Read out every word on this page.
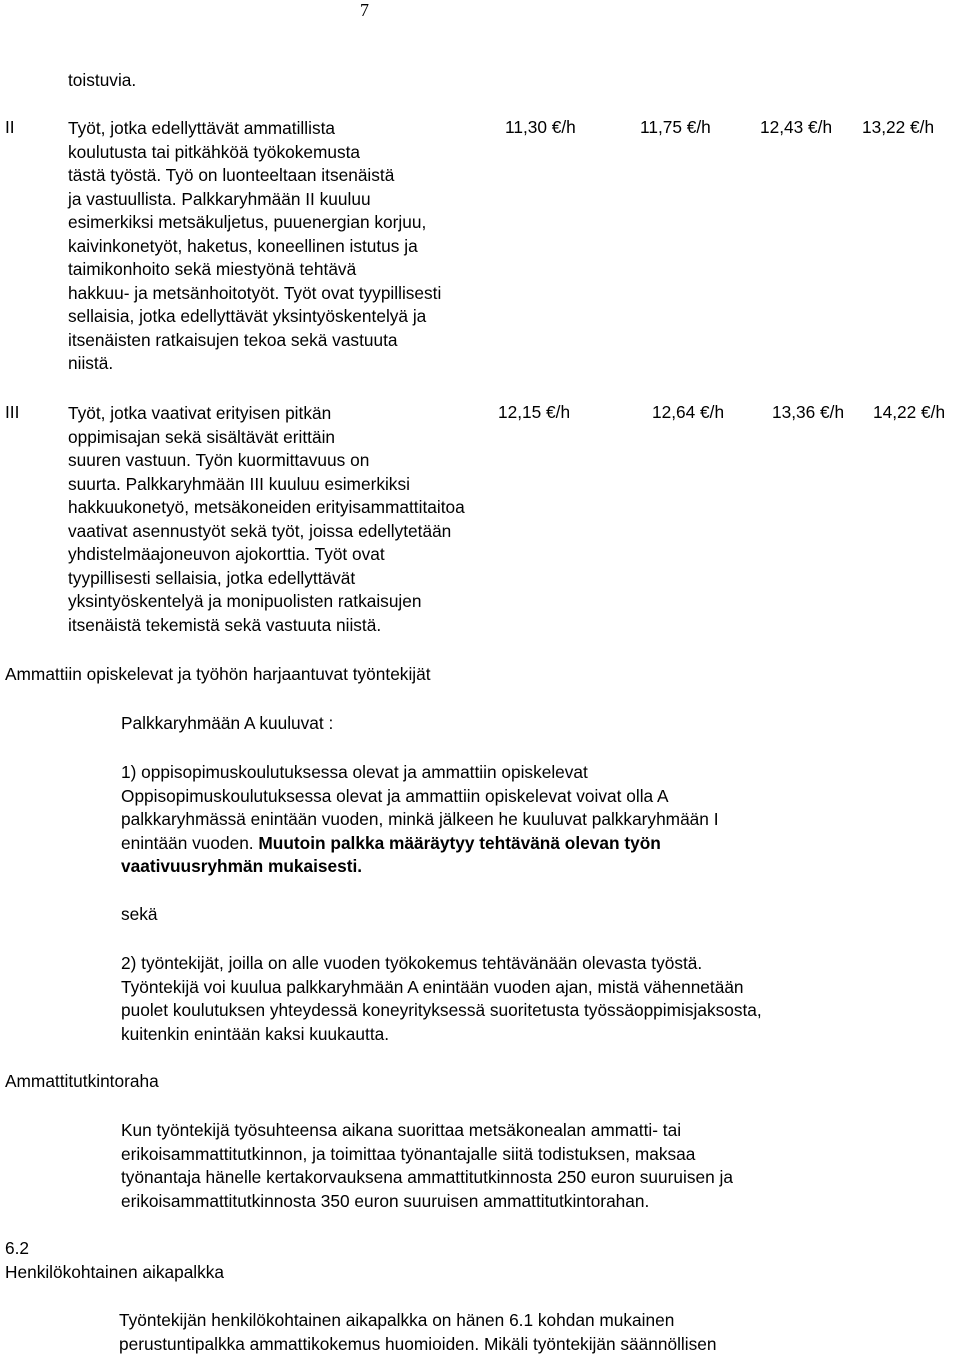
7
toistuvia.
II	Työt, jotka edellyttävät ammatillista
koulutusta tai pitkähköä työkokemusta
tästä työstä. Työ on luonteeltaan itsenäistä
ja vastuullista. Palkkaryhmään II kuuluu
esimerkiksi metsäkuljetus, puuenergian korjuu,
kaivinkonetyöt, haketus, koneellinen istutus ja
taimikonhoito sekä miestyönä tehtävä
hakkuu- ja metsänhoitotyöt. Työt ovat tyypillisesti
sellaisia, jotka edellyttävät yksintyöskentelyä ja
itsenäisten ratkaisujen tekoa sekä vastuuta
niistä.
11,30 €/h	11,75 €/h	12,43 €/h 13,22 €/h
III	Työt, jotka vaativat erityisen pitkän
oppimisajan sekä sisältävät erittäin
suuren vastuun. Työn kuormittavuus on
suurta. Palkkaryhmään III kuuluu esimerkiksi
hakkuukonetyö, metsäkoneiden erityisammattitaitoa
vaativat asennustyöt sekä työt, joissa edellytetään
yhdistelmäajoneuvon ajokorttia. Työt ovat
tyypillisesti sellaisia, jotka edellyttävät
yksintyöskentelyä ja monipuolisten ratkaisujen
itsenäistä tekemistä sekä vastuuta niistä.
12,15 €/h	12,64 €/h	13,36 €/h 14,22 €/h
Ammattiin opiskelevat ja työhön harjaantuvat työntekijät
Palkkaryhmään A kuuluvat :
1) oppisopimuskoulutuksessa olevat ja ammattiin opiskelevat
Oppisopimuskoulutuksessa olevat ja ammattiin opiskelevat voivat olla A
palkkaryhmässä enintään vuoden, minkä jälkeen he kuuluvat palkkaryhmään I
enintään vuoden. Muutoin palkka määräytyy tehtävänä olevan työn
vaativuusryhmän mukaisesti.
sekä
2) työntekijät, joilla on alle vuoden työkokemus tehtävänään olevasta työstä.
Työntekijä voi kuulua palkkaryhmään A enintään vuoden ajan, mistä vähennetään
puolet koulutuksen yhteydessä koneyrityksessä suoritetusta työssäoppimisjaksosta,
kuitenkin enintään kaksi kuukautta.
Ammattitutkintoraha
Kun työntekijä työsuhteensa aikana suorittaa metsäkonealan ammatti- tai
erikoisammattitutkinnon, ja toimittaa työnantajalle siitä todistuksen, maksaa
työnantaja hänelle kertakorvauksena ammattitutkinnosta 250 euron suuruisen ja
erikoisammattitutkinnosta 350 euron suuruisen ammattitutkintorahan.
6.2
Henkilökohtainen aikapalkka
Työntekijän henkilökohtainen aikapalkka on hänen 6.1 kohdan mukainen
perustuntipalkka ammattikokemus huomioiden. Mikäli työntekijän säännöllisen
